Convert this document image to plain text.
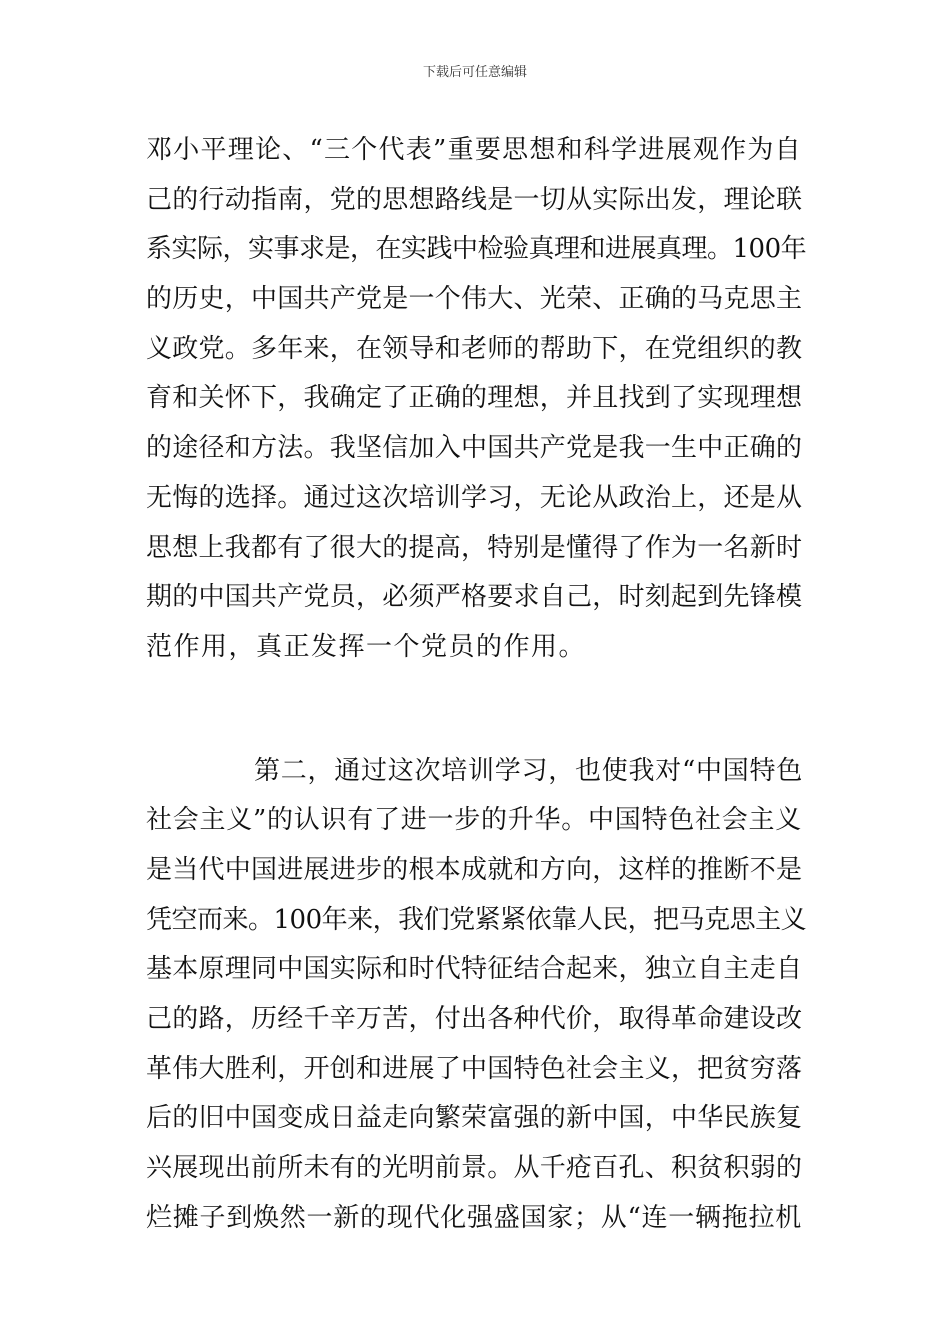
下载后可任意编辑
邓小平理论、“三个代表”重要思想和科学进展观作为自
己的行动指南，党的思想路线是一切从实际出发，理论联
系实际，实事求是，在实践中检验真理和进展真理。100年
的历史，中国共产党是一个伟大、光荣、正确的马克思主
义政党。多年来，在领导和老师的帮助下，在党组织的教
育和关怀下，我确定了正确的理想，并且找到了实现理想
的途径和方法。我坚信加入中国共产党是我一生中正确的
无悔的选择。通过这次培训学习，无论从政治上，还是从
思想上我都有了很大的提高，特别是懂得了作为一名新时
期的中国共产党员，必须严格要求自己，时刻起到先锋模
范作用，真正发挥一个党员的作用。
第二，通过这次培训学习，也使我对“中国特色
社会主义”的认识有了进一步的升华。中国特色社会主义
是当代中国进展进步的根本成就和方向，这样的推断不是
凭空而来。100年来，我们党紧紧依靠人民，把马克思主义
基本原理同中国实际和时代特征结合起来，独立自主走自
己的路，历经千辛万苦，付出各种代价，取得革命建设改
革伟大胜利，开创和进展了中国特色社会主义，把贫穷落
后的旧中国变成日益走向繁荣富强的新中国，中华民族复
兴展现出前所未有的光明前景。从千疮百孔、积贫积弱的
烂摊子到焕然一新的现代化强盛国家；从“连一辆拖拉机
